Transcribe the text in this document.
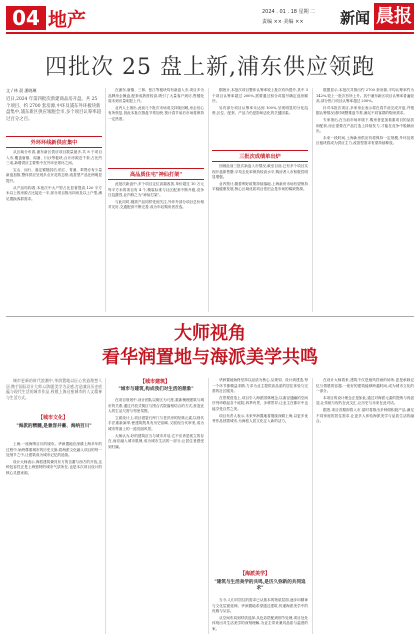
04 地产	2024 . 01 . 18 星期 二
责编 ×× 美编 ×× 新闻 晨报
四批次 25 盘上新,浦东供应领跑
文 / 林 晨 潘晓琳
近日,2024 年第四批次新建商品房开盘。共 25 个项目、约 2700 套房源,中环及浦东外环板块新盘集中,浦东新区供应领跑全市,多个项目认筹率超过百分之百。
外环环线新供应集中

从区域分布看,浦东新区供应项目数量最多,共 8 个项目入市,覆盖唐镇、周浦、川沙等板块,合计房源近千套,占比约三成,新增供应主要集中在外环至郊环之间。

宝山、闵行、嘉定紧随其后,松江、青浦、奉贤亦有少量新盘加推,整体供应呈现多点开花的态势,改善型产品比例明显提升。

从产品结构看,本批次中大户型占比显著提高,120 平方米以上的房源占比接近一半,部分项目推出四房及以上户型,满足置换客群需求。

在浦东,唐镇、三林、张江等板块均有新盘入市,项目多为品牌房企操盘,配套成熟度较高,吸引了大量客户到访,售楼处周末到访量明显上升。

业内人士指出,此前几个批次市场成交持续回暖,房企信心有所恢复,因此本批次推盘节奏加快,预计春节前后市场将保持一定热度。

高品质住宅"神仙打架"

此批次新盘中,多个项目定位高端改善,单价超过 10 万元每平方米的项目有 4 个,精装标准与社区配套不断升级,竞争日趋激烈,业内称之为"神仙打架"。

与此同时,刚需产品同样受到关注,外环外部分项目总价相对友好,交通配套不断完善,成为年轻购房者首选。

据统计,本批次项目整体认筹率较上批次有所提升,其中 3 个项目认筹率超过 200%,需要通过积分或摇号确定选房顺序。

另有部分项目认筹率未达到 100%,呈现明显的分化趋势,区位、配套、产品力仍是影响去化的关键因素。

三批次成绩单出炉

回顾此前三批次新盘入市情况,截至目前,已有多个项目实现开盘即售罄,平均去化率保持较高水平,购房者入市积极性明显增强。

业内预计,随着利好政策持续落地,上海新房市场有望保持平稳健康发展,核心区域优质项目依旧会是市场的稀缺资源。

数据显示,本批次共推出约 2700 套房源,平均认筹率约为 142%,较上一批次有所上升。其中浦东新区项目认筹率普遍较高,部分热门项目认筹率超过 250%。

针对本批次项目,多家房企表示将在春节前完成开盘,并根据认筹情况适时调整推盘节奏,满足不同客群的购房需求。

专家指出,在当前市场环境下,购房者更加看重项目的品质和配套,房企需要在产品打造上持续发力,才能在竞争中脱颖而出。

未来一段时间,上海新房供应仍将保持一定规模,外环及郊区板块将成为供应主力,改善型需求有望持续释放。

大师视角
看华润置地与海派美学共鸣

城市更新的时代浪潮中,华润置地以匠心营造理想人居,携手国际设计大师,以海派美学为灵感,打造兼具历史底蕴与现代生活的城市作品,致敬上海这座城市的人文精神与生活方式。

【城市文化】
"海派的精髓,是兼容并蓄、海纳百川"

上海,一座海纳百川的城市。华润置地在深耕上海多年的过程中,始终尊重城市的历史文脉,将海派文化融入项目的每一处细节之中,让建筑成为城市记忆的延续。

设计大师表示,海派建筑兼具东方的含蓄与西方的开放,这种包容性正是上海独特的城市气质所在,也是本次项目设计的核心灵感来源。

【城市建筑】
"城市与建筑,构成我们对生活的想象"

在项目规划中,设计团队以街区为尺度,重新梳理建筑与城市的关系,通过开放式街区与围合式院落相结合的方式,营造宜人的生活尺度与邻里氛围。

立面设计上,项目借鉴石库门与老洋房的经典元素,以现代手法重新演绎,使建筑既具有历史韵味,又展现当代审美,成为城市界面上的一道亮丽风景。

大师认为,好的建筑应当与城市对话,它不应该是孤立的存在,而应融入城市肌理,成为城市生活的一部分,让居住者感受到归属。

华润置地始终坚持以品质为核心,从规划、设计到建造,每一个环节都精益求精,力求为业主提供高品质的居住体验与完善的社区服务。

在景观营造上,项目引入海派园林理念,以曲径通幽的空间序列串联起各个庭院,四季有景、步移景异,让业主在都市中也能享受自然之美。

项目负责人表示,未来华润置地将继续深耕上海,以更多优秀作品回馈城市,为海派人居文化注入新的活力。

【海派美学】
"建筑与生活美学的共鸣,是历久弥新的共同追求"

当今,人们对居住的需求已从基本的物质层面,逐步向精神与文化层面延伸。华润置地希望通过建筑,传递海派美学中的优雅与从容。

从空间布局到材质选择,从色彩搭配到细节处理,项目处处体现出对生活美学的深刻理解,为业主带来兼具品质与温度的家。

在设计大师看来,建筑不仅是遮风挡雨的场所,更是承载记忆与情感的容器,一座好的建筑能够跨越时间,成为城市文化的一部分。

本项目的设计理念正是如此,通过对海派元素的提炼与再创造,让传统与现代在此交汇,让历史与未来在此对话。

据悉,项目首期即将入市,届时将推出多种面积段产品,满足不同家庭的居住需求,让更多人体验海派美学与品质生活的融合。
